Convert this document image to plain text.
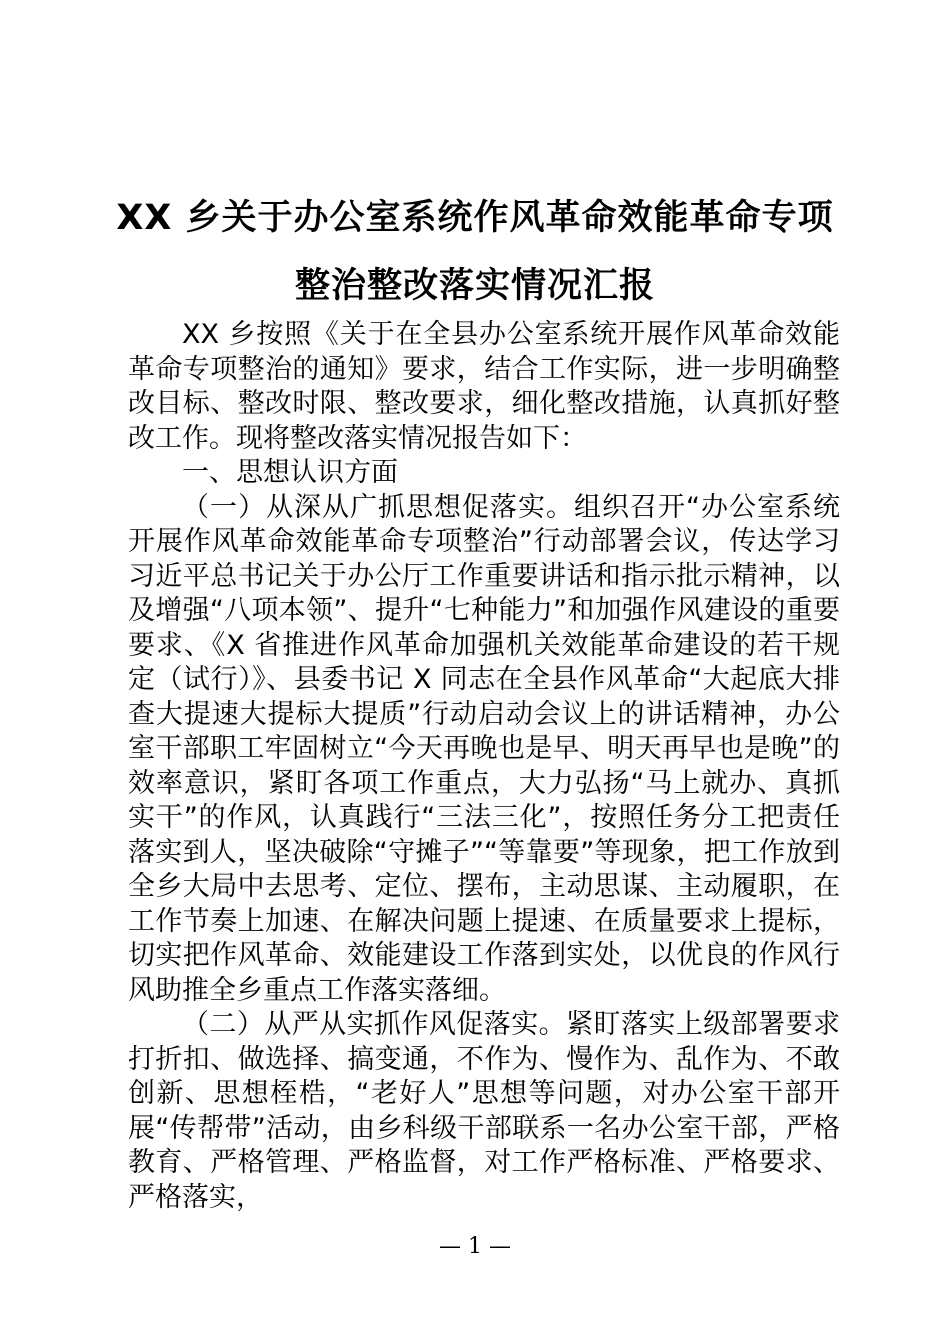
XX 乡关于办公室系统作风革命效能革命专项
整治整改落实情况汇报

XX 乡按照《关于在全县办公室系统开展作风革命效能革命专项整治的通知》要求，结合工作实际，进一步明确整改目标、整改时限、整改要求，细化整改措施，认真抓好整改工作。现将整改落实情况报告如下：

一、思想认识方面

（一）从深从广抓思想促落实。组织召开“办公室系统开展作风革命效能革命专项整治”行动部署会议，传达学习习近平总书记关于办公厅工作重要讲话和指示批示精神，以及增强“八项本领”、提升“七种能力”和加强作风建设的重要要求、《X 省推进作风革命加强机关效能革命建设的若干规定（试行）》、县委书记 X 同志在全县作风革命“大起底大排查大提速大提标大提质”行动启动会议上的讲话精神，办公室干部职工牢固树立“今天再晚也是早、明天再早也是晚”的效率意识，紧盯各项工作重点，大力弘扬“马上就办、真抓实干”的作风，认真践行“三法三化”，按照任务分工把责任落实到人，坚决破除“守摊子”“等靠要”等现象，把工作放到全乡大局中去思考、定位、摆布，主动思谋、主动履职，在工作节奏上加速、在解决问题上提速、在质量要求上提标，切实把作风革命、效能建设工作落到实处，以优良的作风行风助推全乡重点工作落实落细。

（二）从严从实抓作风促落实。紧盯落实上级部署要求打折扣、做选择、搞变通，不作为、慢作为、乱作为、不敢创新、思想桎梏，“老好人”思想等问题，对办公室干部开展“传帮带”活动，由乡科级干部联系一名办公室干部，严格教育、严格管理、严格监督，对工作严格标准、严格要求、严格落实，

— 1 —
